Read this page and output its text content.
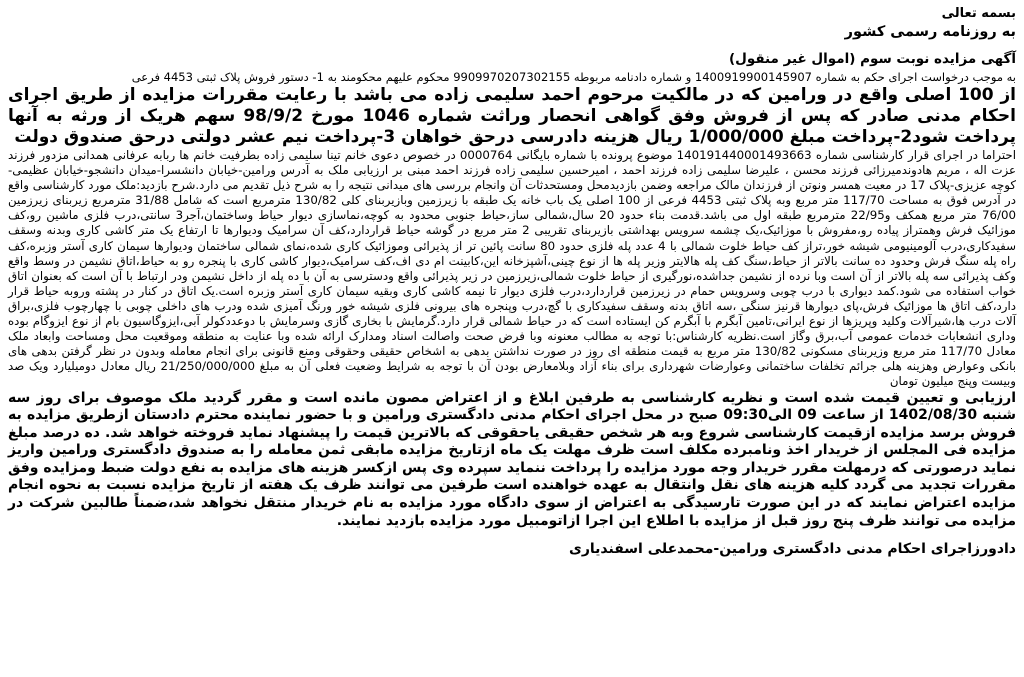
بسمه تعالی

به روزنامه رسمی کشور

آگهی مزایده نوبت سوم (اموال غیر منقول)

به موجب درخواست اجرای حکم به شماره 1400919900145907 و شماره دادنامه مربوطه 9909970207302155 محکوم علیهم محکومند به 1- دستور فروش پلاک ثبتی 4453 فرعی

از 100 اصلی واقع در ورامین که در مالکیت مرحوم احمد سلیمی زاده می باشد با رعایت مقررات مزایده از طریق اجرای احکام مدنی صادر که پس از فروش وفق گواهی انحصار وراثت شماره 1046 مورخ 98/9/2 سهم هریک از ورثه به آنها پرداخت شود2-پرداخت مبلغ 1/000/000 ریال هزینه دادرسی درحق خواهان 3-پرداخت نیم عشر دولتی درحق صندوق دولت

احتراما در اجرای قرار کارشناسی شماره 140191440001493663 موضوع پرونده با شماره بایگانی 0000764 در خصوص دعوی خانم تینا سلیمی زاده بطرفیت خانم ها ربابه عرفانی همدانی مزدور فرزند عزت اله ، مریم هادوندمیرزائی فرزند محسن ، علیرضا سلیمی زاده فرزند احمد ، امیرحسین سلیمی زاده فرزند احمد مبنی بر ارزیابی ملک به آدرس ورامین-خیابان دانشسرا-میدان دانشجو-خیابان عظیمی-کوچه عزیزی-پلاک 17 در معیت همسر ونوتن از فرزندان مالک مراجعه وضمن بازدیدمحل ومستحدثات آن وانجام بررسی های میدانی نتیجه را به شرح ذیل تقدیم می دارد.شرح بازدید:ملک مورد کارشناسی واقع در آدرس فوق به مساحت 117/70 متر مربع وبه پلاک ثبتی 4453 فرعی از 100 اصلی یک باب خانه یک طبقه با زیرزمین وبازیربنای کلی 130/82 مترمربع است که شامل 31/88 مترمربع زیربنای زیرزمین 76/00 متر مربع همکف و22/95 مترمربع طبقه اول می باشد.قدمت بناء حدود 20 سال،شمالی ساز،حیاط جنوبی محدود به کوچه،نماسازی دیوار حیاط وساختمان،آجر3 سانتی،درب فلزی ماشین رو،کف موزائیک فرش وهمتراز پیاده رو،مفروش با موزائیک،یک چشمه سرویس بهداشتی بازیربنای تقریبی 2 متر مربع در گوشه حیاط قراردارد،کف آن سرامیک ودیوارها تا ارتفاع یک متر کاشی کاری وبدنه وسقف سفیدکاری،درب آلومینیومی شیشه خور،تراز کف حیاط خلوت شمالی با 4 عدد پله فلزی حدود 80 سانت پائین تر از پذیرائی وموزائیک کاری شده،نمای شمالی ساختمان ودیوارها سیمان کاری آستر وزبره،کف راه پله سنگ فرش وحدود ده سانت بالاتر از حیاط،سنگ کف پله هالایتر وزیر پله ها از نوع چینی،آشپزخانه این،کابینت ام دی اف،کف سرامیک،دیوار کاشی کاری با پنجره رو به حیاط،اتاق نشیمن در وسط واقع وکف پذیرائی سه پله بالاتر از آن است وبا نرده از نشیمن جداشده،نورگیری از حیاط خلوت شمالی،زیرزمین در زیر پذیرائی واقع ودسترسی به آن با ده پله از داخل نشیمن ودر ارتباط با آن است که بعنوان اتاق خواب استفاده می شود.کمد دیواری با درب چوبی وسرویس حمام در زیرزمین قراردارد،درب فلزی دیوار تا نیمه کاشی کاری وبقیه سیمان کاری آستر وزبره است.یک اتاق در کنار در پشته وروبه حیاط قرار دارد،کف اتاق ها موزائیک فرش،پای دیوارها قرنیز سنگی ،سه اتاق بدنه وسقف سفیدکاری با گچ،درب وپنجره های بیرونی فلزی شیشه خور ورنگ آمیزی شده ودرب های داخلی چوبی با چهارچوب فلزی،براق آلات درب ها،شیرآلات وکلید وپریزها از نوع ایرانی،تامین آبگرم با آبگرم کن ایستاده است که در حیاط شمالی قرار دارد.گرمایش با بخاری گازی وسرمایش با دوعددکولر آبی،ایزوگاسیون بام از نوع ایزوگام بوده وداری انشعابات خدمات عمومی آب،برق وگاز است.نظریه کارشناس:با توجه به مطالب معنونه وبا فرض صحت واصالت اسناد ومدارک ارائه شده وبا عنایت به منطقه وموقعیت محل ومساحت وابعاد ملک معادل 117/70 متر مربع وزیربنای مسکونی 130/82 متر مربع به قیمت منطقه ای روز در صورت نداشتن بدهی به اشخاص حقیقی وحقوقی ومنع قانونی برای انجام معامله وبدون در نظر گرفتن بدهی های بانکی وعوارض وهزینه هلی جرائم تخلفات ساختمانی وعوارضات شهرداری برای بناء آزاد وبلامعارض بودن آن با توجه به شرایط وضعیت فعلی آن به مبلغ 21/250/000/000 ریال معادل دومیلیارد ویک صد وبیست وپنج میلیون تومان

ارزیابی و تعیین قیمت شده است و نظریه کارشناسی به طرفین ابلاغ و از اعتراض مصون مانده است و مقرر گردید ملک موصوف برای روز سه شنبه 1402/08/30 از ساعت 09 الی09:30 صبح در محل اجرای احکام مدنی دادگستری ورامین و با حضور نماینده محترم دادستان ازطریق مزایده به فروش برسد مزایده ازقیمت کارشناسی شروع وبه هر شخص حقیقی یاحقوقی که بالاترین قیمت را پیشنهاد نماید فروخته خواهد شد. ده درصد مبلغ مزایده فی المجلس از خریدار اخذ ونامبرده مکلف است ظرف مهلت یک ماه ازتاریخ مزایده مابقی ثمن معامله را به صندوق دادگستری ورامین واریز نماید درصورتی که درمهلت مقرر خریدار وجه مورد مزایده را پرداخت ننماید سپرده وی پس ازکسر هزینه های مزایده به نفع دولت ضبط ومزایده وفق مقررات تجدید می گردد کلیه هزینه های نقل وانتقال به عهده خواهنده است طرفین می توانند ظرف یک هفته از تاریخ مزایده نسبت به نحوه انجام مزایده اعتراض نمایند که در این صورت تارسیدگی به اعتراض از سوی دادگاه مورد مزایده به نام خریدار منتقل نخواهد شد،ضمناً طالبین شرکت در مزایده می توانند ظرف پنج روز قبل از مزایده با اطلاع این اجرا ازاتومبیل مورد مزایده بازدید نمایند.

دادورزاجرای احکام مدنی دادگستری ورامین-محمدعلی اسفندیاری
